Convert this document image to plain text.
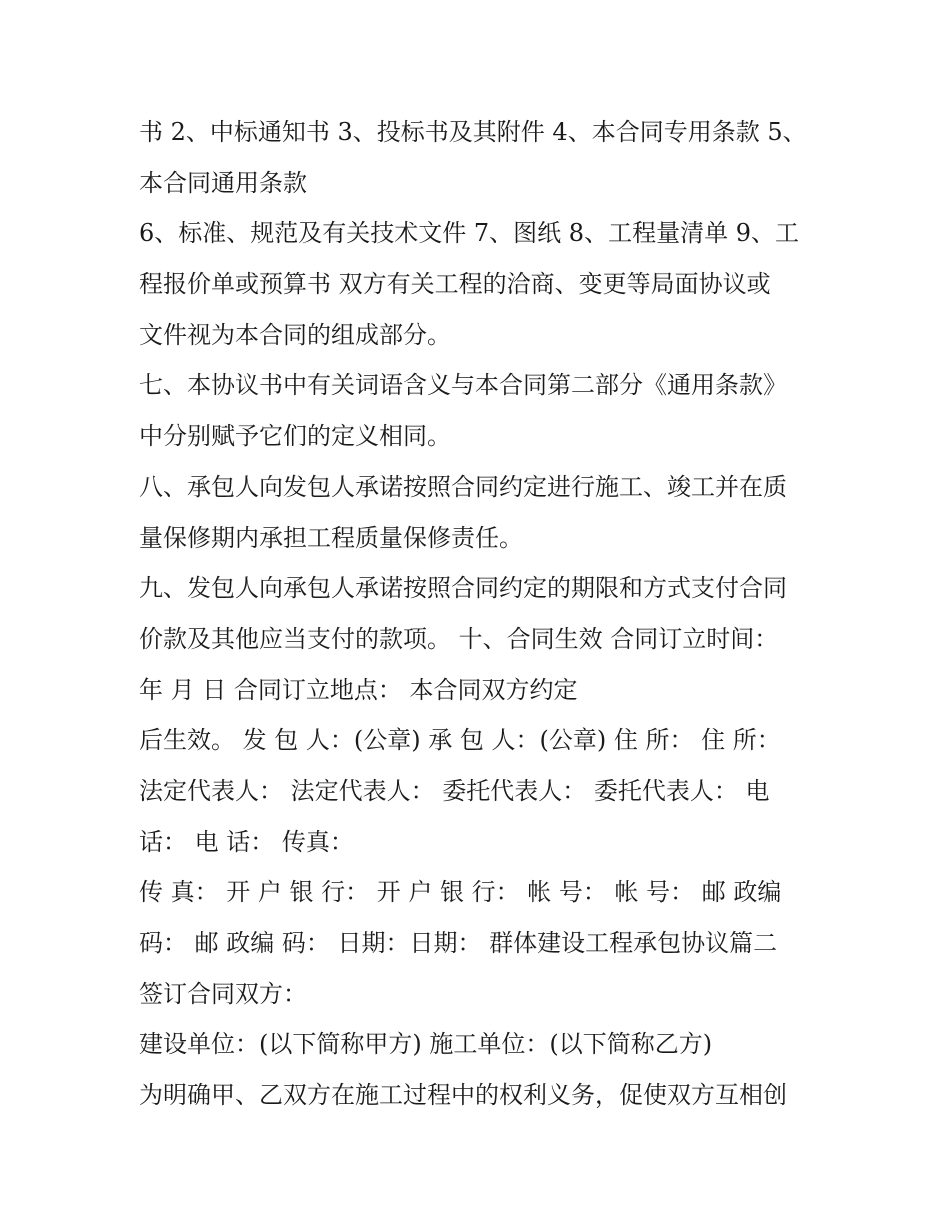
书 2、中标通知书 3、投标书及其附件 4、本合同专用条款 5、
本合同通用条款
6、标准、规范及有关技术文件 7、图纸 8、工程量清单 9、工
程报价单或预算书 双方有关工程的洽商、变更等局面协议或
文件视为本合同的组成部分。
七、本协议书中有关词语含义与本合同第二部分《通用条款》
中分别赋予它们的定义相同。
八、承包人向发包人承诺按照合同约定进行施工、竣工并在质
量保修期内承担工程质量保修责任。
九、发包人向承包人承诺按照合同约定的期限和方式支付合同
价款及其他应当支付的款项。 十、合同生效 合同订立时间：
年 月 日 合同订立地点： 本合同双方约定
后生效。 发 包 人：(公章) 承 包 人：(公章) 住 所： 住 所：
法定代表人： 法定代表人： 委托代表人： 委托代表人： 电
话： 电 话： 传真：
传 真： 开 户 银 行： 开 户 银 行： 帐 号： 帐 号： 邮 政编
码： 邮 政编 码： 日期：日期： 群体建设工程承包协议篇二
签订合同双方：
建设单位：(以下简称甲方) 施工单位：(以下简称乙方)
为明确甲、乙双方在施工过程中的权利义务，促使双方互相创
